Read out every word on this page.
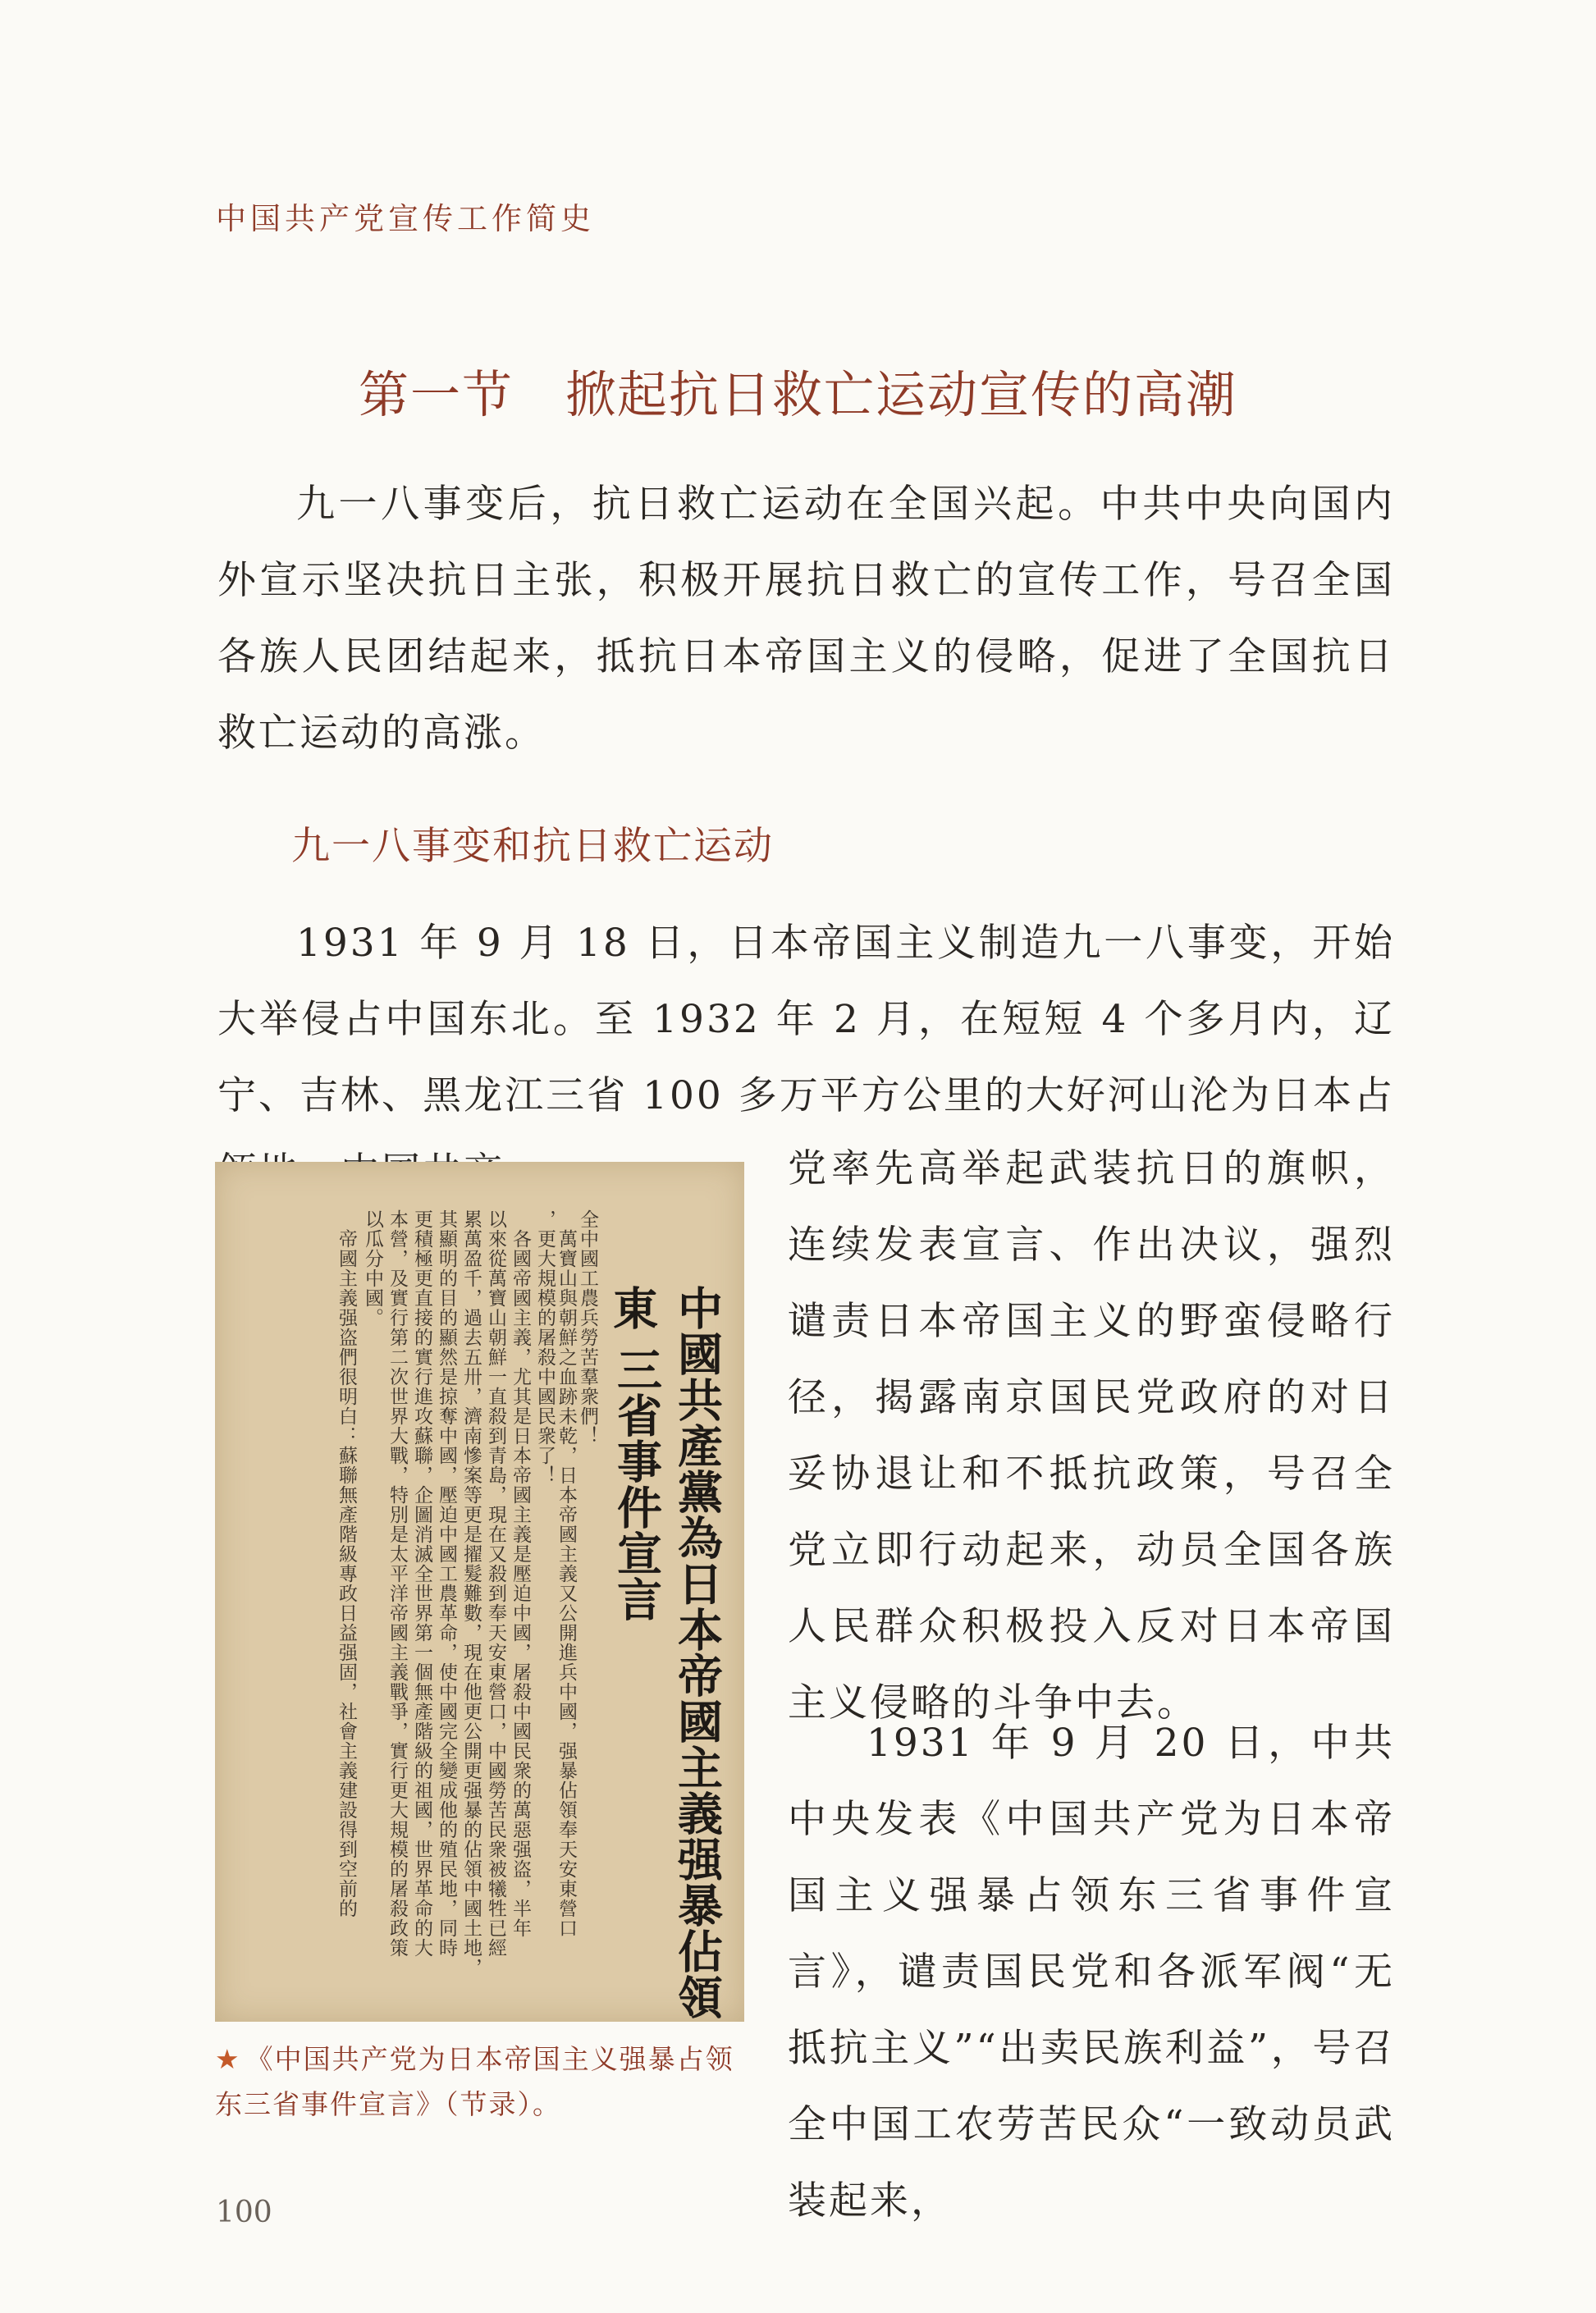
中国共产党宣传工作简史
第一节　掀起抗日救亡运动宣传的高潮

九一八事变后，抗日救亡运动在全国兴起。中共中央向国内外宣示坚决抗日主张，积极开展抗日救亡的宣传工作，号召全国各族人民团结起来，抵抗日本帝国主义的侵略，促进了全国抗日救亡运动的高涨。

九一八事变和抗日救亡运动

1931 年 9 月 18 日，日本帝国主义制造九一八事变，开始大举侵占中国东北。至 1932 年 2 月，在短短 4 个多月内，辽宁、吉林、黑龙江三省 100 多万平方公里的大好河山沦为日本占

中國共產黨為日本帝國主義强暴佔領東
三省事件宣言
全中國工農兵勞苦羣衆們！
　萬寶山與朝鮮之血跡未乾，日本帝國主義又公開進兵中國，强暴佔領奉天安東營口
，更大規模的屠殺中國民衆了！
　各國帝國主義，尤其是日本帝國主義是壓迫中國，屠殺中國民衆的萬惡强盗，半年
以來從萬寶山朝鮮一直殺到青島，現在又殺到奉天安東營口，中國勞苦民衆被犧牲已經
累萬盈千，過去五卅，濟南慘案等更是擢髮難數，現在他更公開更强暴的佔領中國土地，
其顯明的目的顯然是掠奪中國，壓迫中國工農革命，使中國完全變成他的殖民地，同時
更積極更直接的實行進攻蘇聯，企圖消滅全世界第一個無產階級的祖國，世界革命的大
本營，及實行第二次世界大戰，特別是太平洋帝國主義戰爭，實行更大規模的屠殺政策
以瓜分中國。
　帝國主義强盗們很明白：蘇聯無產階級專政日益强固，社會主義建設得到空前的

★ 《中国共产党为日本帝国主义强暴占领东三省事件宣言》（节录）。

党率先高举起武装抗日的旗帜，连续发表宣言、作出决议，强烈谴责日本帝国主义的野蛮侵略行径，揭露南京国民党政府的对日妥协退让和不抵抗政策，号召全党立即行动起来，动员全国各族人民群众积极投入反对日本帝国主义侵略的斗争中去。

1931 年 9 月 20 日，中共中央发表《中国共产党为日本帝国主义强暴占领东三省事件宣言》，谴责国民党和各派军阀“无抵抗主义”“出卖民族利益”，号召全中国工农劳苦民众“一致动员武装起来，

100
